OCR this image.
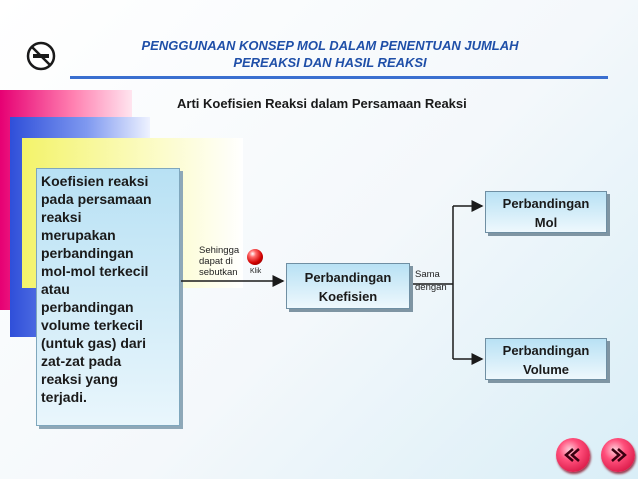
PENGGUNAAN KONSEP MOL DALAM PENENTUAN JUMLAH
PEREAKSI DAN HASIL REAKSI
Arti Koefisien Reaksi dalam Persamaan Reaksi
Koefisien reaksi
pada persamaan
reaksi
merupakan
perbandingan
mol-mol terkecil
atau
perbandingan
volume terkecil
(untuk gas) dari
zat-zat pada
reaksi yang
terjadi.
Sehingga
dapat di
sebutkan Klik	Perbandingan
Koefisien
Sama
dengan
Perbandingan
Mol
Perbandingan
Volume
